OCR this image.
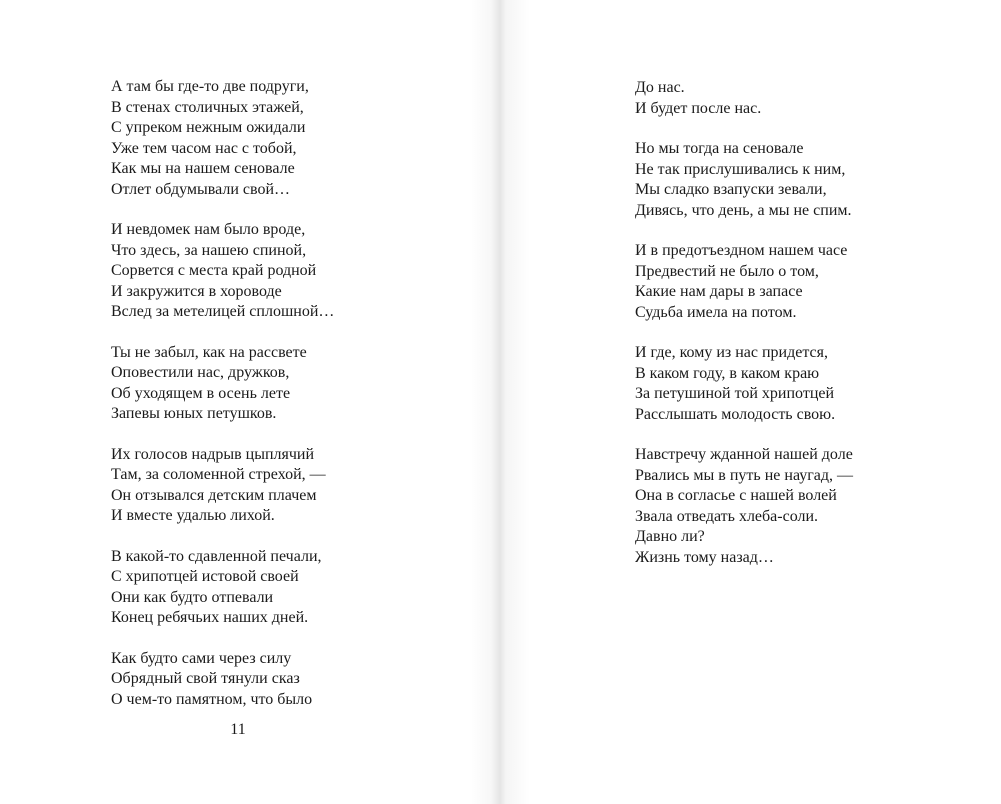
А там бы где-то две подруги,
В стенах столичных этажей,
С упреком нежным ожидали
Уже тем часом нас с тобой,
Как мы на нашем сеновале
Отлет обдумывали свой…
И невдомек нам было вроде,
Что здесь, за нашею спиной,
Сорвется с места край родной
И закружится в хороводе
Вслед за метелицей сплошной…
Ты не забыл, как на рассвете
Оповестили нас, дружков,
Об уходящем в осень лете
Запевы юных петушков.
Их голосов надрыв цыплячий
Там, за соломенной стрехой, —
Он отзывался детским плачем
И вместе удалью лихой.
В какой-то сдавленной печали,
С хрипотцей истовой своей
Они как будто отпевали
Конец ребячьих наших дней.
Как будто сами через силу
Обрядный свой тянули сказ
О чем-то памятном, что было
11
До нас.
И будет после нас.
Но мы тогда на сеновале
Не так прислушивались к ним,
Мы сладко взапуски зевали,
Дивясь, что день, а мы не спим.
И в предотъездном нашем часе
Предвестий не было о том,
Какие нам дары в запасе
Судьба имела на потом.
И где, кому из нас придется,
В каком году, в каком краю
За петушиной той хрипотцей
Расслышать молодость свою.
Навстречу жданной нашей доле
Рвались мы в путь не наугад, —
Она в согласье с нашей волей
Звала отведать хлеба-соли.
Давно ли?
Жизнь тому назад…
